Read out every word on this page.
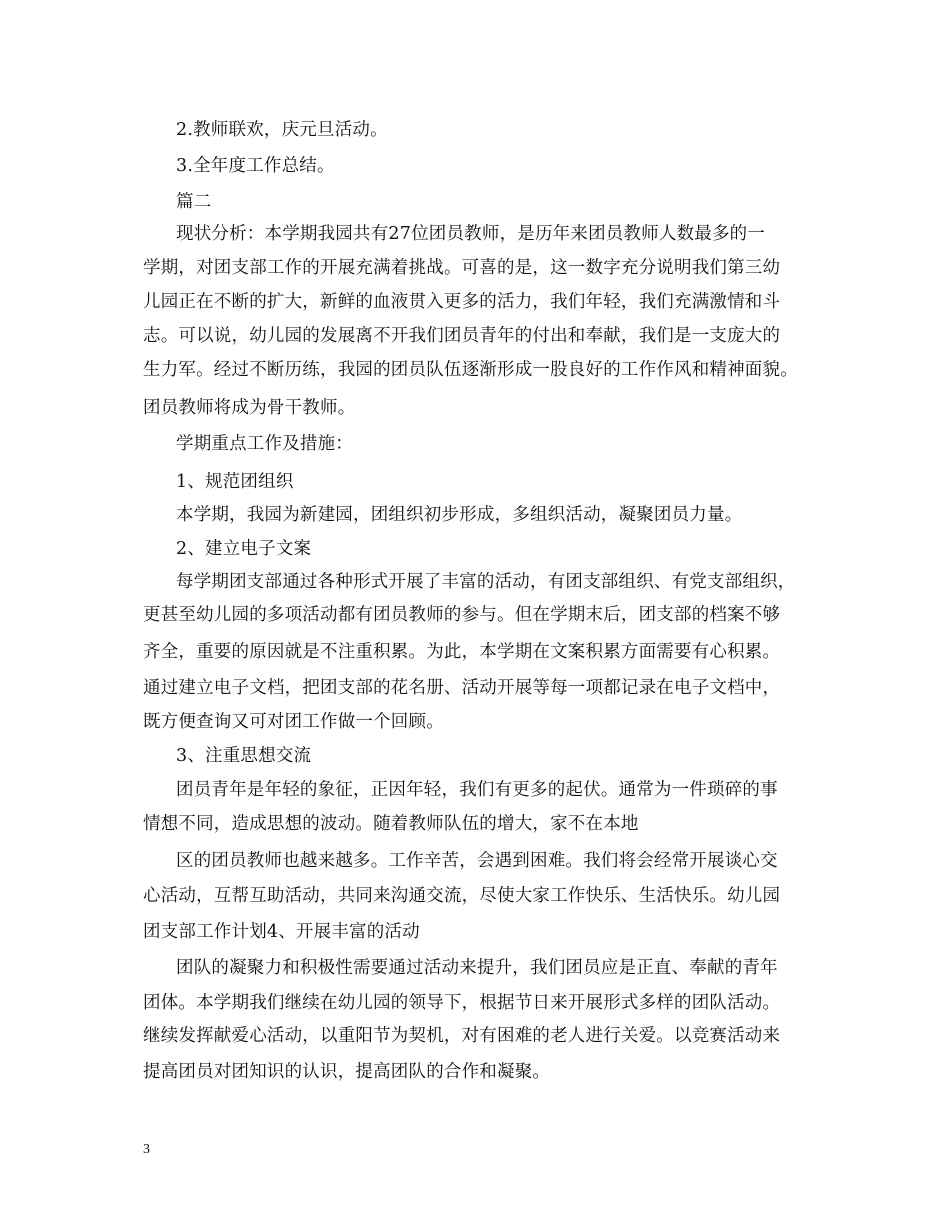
2.教师联欢，庆元旦活动。
3.全年度工作总结。
篇二
现状分析：本学期我园共有27位团员教师，是历年来团员教师人数最多的一
学期，对团支部工作的开展充满着挑战。可喜的是，这一数字充分说明我们第三幼
儿园正在不断的扩大，新鲜的血液贯入更多的活力，我们年轻，我们充满激情和斗
志。可以说，幼儿园的发展离不开我们团员青年的付出和奉献，我们是一支庞大的
生力军。经过不断历练，我园的团员队伍逐渐形成一股良好的工作作风和精神面貌。
团员教师将成为骨干教师。
学期重点工作及措施：
1、规范团组织
本学期，我园为新建园，团组织初步形成，多组织活动，凝聚团员力量。
2、建立电子文案
每学期团支部通过各种形式开展了丰富的活动，有团支部组织、有党支部组织，
更甚至幼儿园的多项活动都有团员教师的参与。但在学期末后，团支部的档案不够
齐全，重要的原因就是不注重积累。为此，本学期在文案积累方面需要有心积累。
通过建立电子文档，把团支部的花名册、活动开展等每一项都记录在电子文档中，
既方便查询又可对团工作做一个回顾。
3、注重思想交流
团员青年是年轻的象征，正因年轻，我们有更多的起伏。通常为一件琐碎的事
情想不同，造成思想的波动。随着教师队伍的增大，家不在本地
区的团员教师也越来越多。工作辛苦，会遇到困难。我们将会经常开展谈心交
心活动，互帮互助活动，共同来沟通交流，尽使大家工作快乐、生活快乐。幼儿园
团支部工作计划4、开展丰富的活动
团队的凝聚力和积极性需要通过活动来提升，我们团员应是正直、奉献的青年
团体。本学期我们继续在幼儿园的领导下，根据节日来开展形式多样的团队活动。
继续发挥献爱心活动，以重阳节为契机，对有困难的老人进行关爱。以竞赛活动来
提高团员对团知识的认识，提高团队的合作和凝聚。
3
